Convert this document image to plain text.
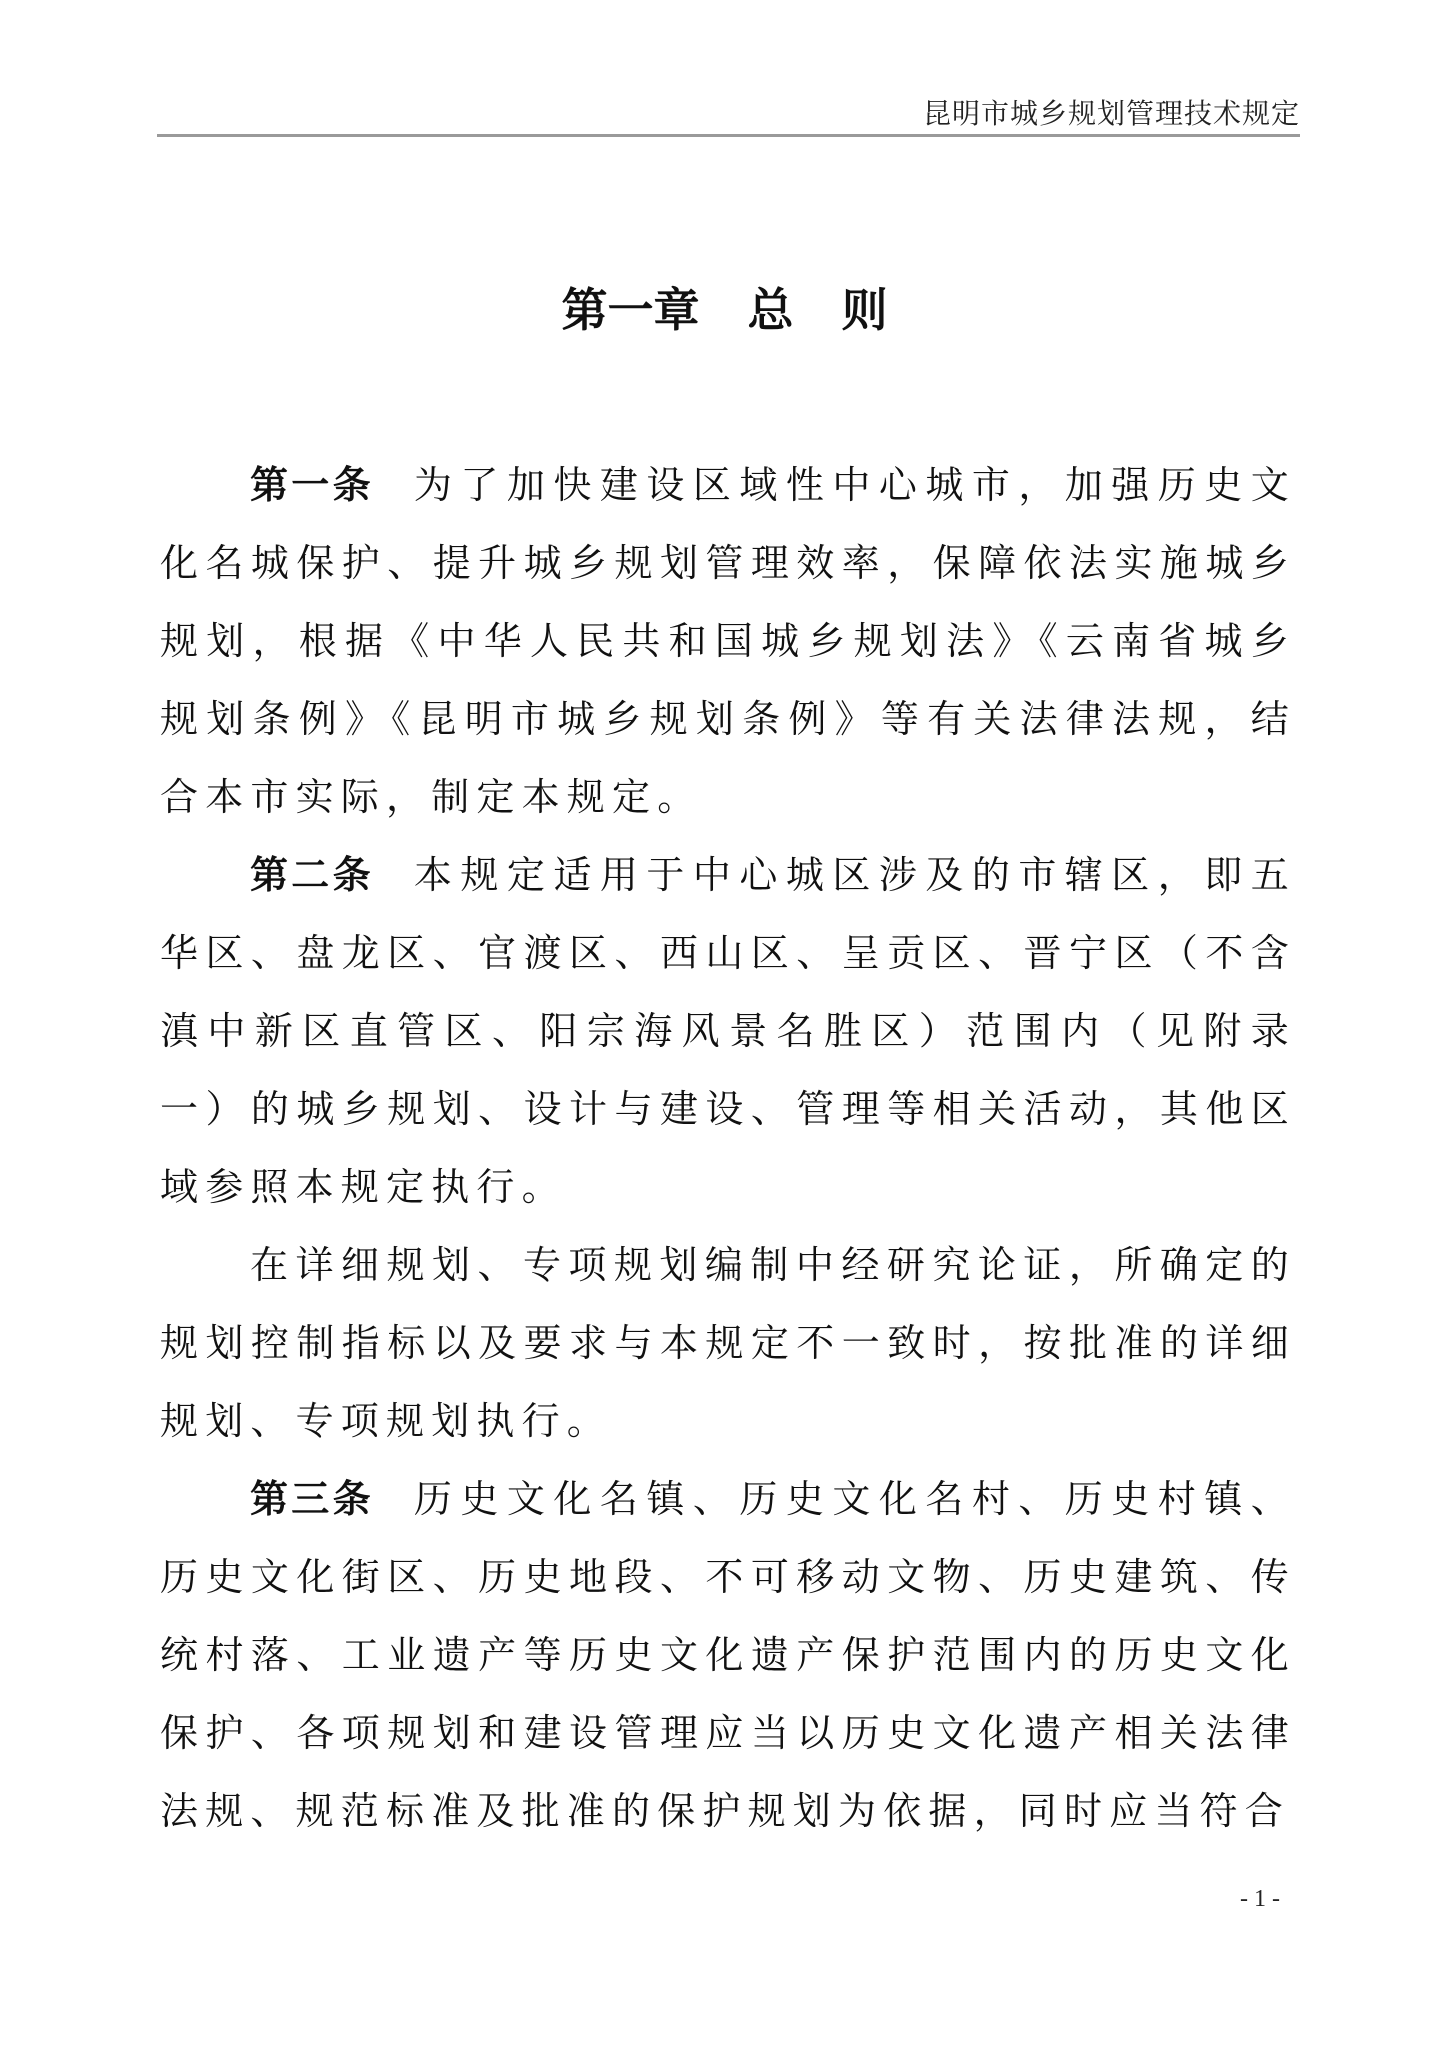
昆明市城乡规划管理技术规定
第一章   总   则

第一条 为了加快建设区域性中心城市，加强历史文化名城保护、提升城乡规划管理效率，保障依法实施城乡规划，根据《中华人民共和国城乡规划法》《云南省城乡规划条例》《昆明市城乡规划条例》等有关法律法规，结合本市实际，制定本规定。

第二条 本规定适用于中心城区涉及的市辖区，即五华区、盘龙区、官渡区、西山区、呈贡区、晋宁区（不含滇中新区直管区、阳宗海风景名胜区）范围内（见附录一）的城乡规划、设计与建设、管理等相关活动，其他区域参照本规定执行。

在详细规划、专项规划编制中经研究论证，所确定的规划控制指标以及要求与本规定不一致时，按批准的详细规划、专项规划执行。

第三条 历史文化名镇、历史文化名村、历史村镇、历史文化街区、历史地段、不可移动文物、历史建筑、传统村落、工业遗产等历史文化遗产保护范围内的历史文化保护、各项规划和建设管理应当以历史文化遗产相关法律法规、规范标准及批准的保护规划为依据，同时应当符合

- 1 -
